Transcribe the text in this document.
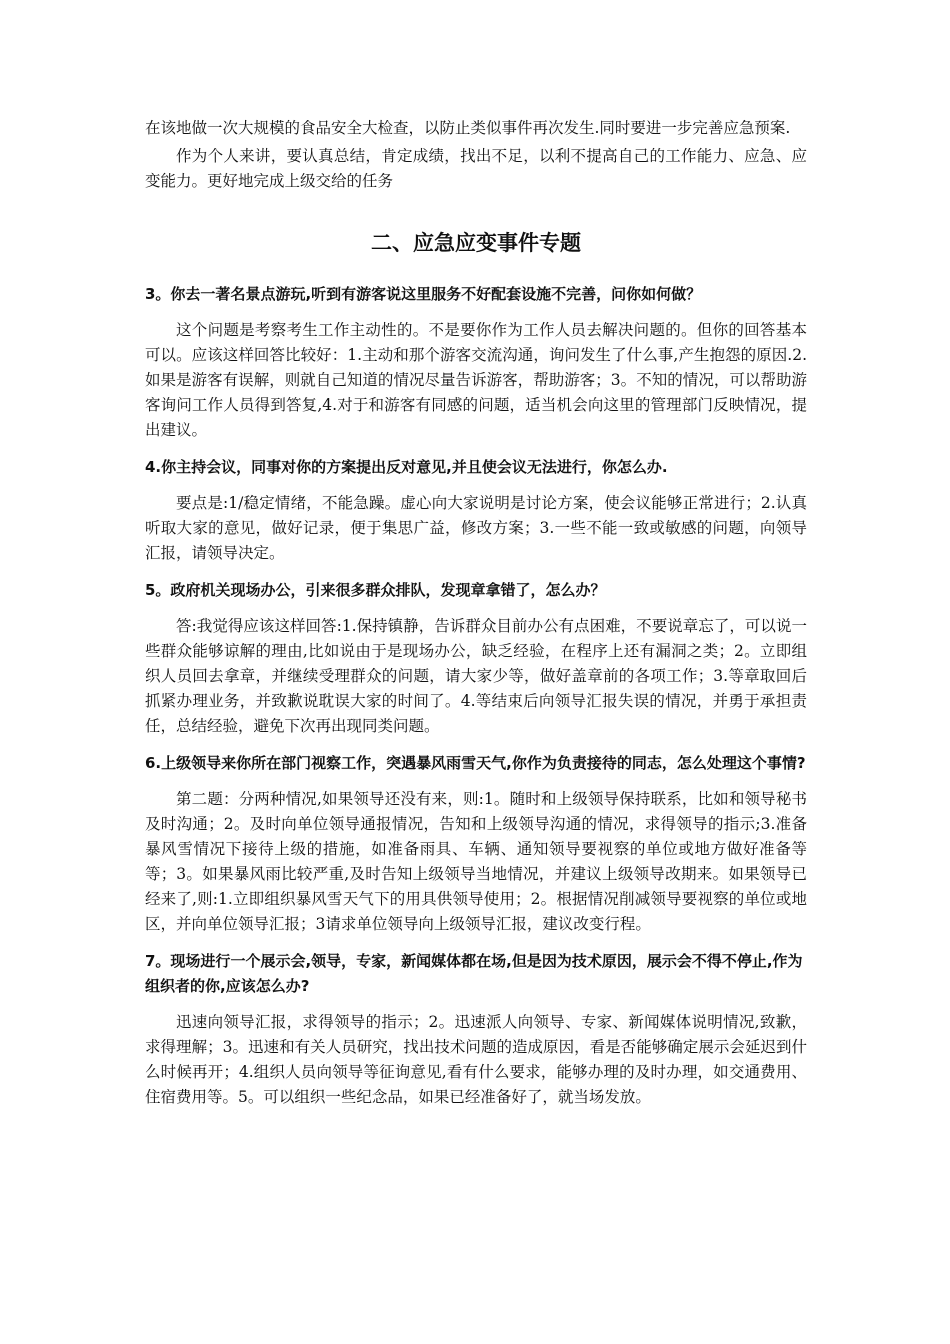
在该地做一次大规模的食品安全大检查，以防止类似事件再次发生.同时要进一步完善应急预案.

作为个人来讲，要认真总结，肯定成绩，找出不足，以利不提高自己的工作能力、应急、应变能力。更好地完成上级交给的任务

二、应急应变事件专题

3。你去一著名景点游玩,听到有游客说这里服务不好配套设施不完善，问你如何做？

这个问题是考察考生工作主动性的。不是要你作为工作人员去解决问题的。但你的回答基本可以。应该这样回答比较好：1.主动和那个游客交流沟通，询问发生了什么事,产生抱怨的原因.2.如果是游客有误解，则就自己知道的情况尽量告诉游客，帮助游客；3。不知的情况，可以帮助游客询问工作人员得到答复,4.对于和游客有同感的问题，适当机会向这里的管理部门反映情况，提出建议。

4.你主持会议，同事对你的方案提出反对意见,并且使会议无法进行，你怎么办.

要点是:1/稳定情绪，不能急躁。虚心向大家说明是讨论方案，使会议能够正常进行；2.认真听取大家的意见，做好记录，便于集思广益，修改方案；3.一些不能一致或敏感的问题，向领导汇报，请领导决定。

5。政府机关现场办公，引来很多群众排队，发现章拿错了，怎么办？

答:我觉得应该这样回答:1.保持镇静，告诉群众目前办公有点困难，不要说章忘了，可以说一些群众能够谅解的理由,比如说由于是现场办公，缺乏经验，在程序上还有漏洞之类；2。立即组织人员回去拿章，并继续受理群众的问题，请大家少等，做好盖章前的各项工作；3.等章取回后抓紧办理业务，并致歉说耽误大家的时间了。4.等结束后向领导汇报失误的情况，并勇于承担责任，总结经验，避免下次再出现同类问题。

6.上级领导来你所在部门视察工作，突遇暴风雨雪天气,你作为负责接待的同志，怎么处理这个事情?

第二题：分两种情况,如果领导还没有来，则:1。随时和上级领导保持联系，比如和领导秘书及时沟通；2。及时向单位领导通报情况，告知和上级领导沟通的情况，求得领导的指示;3.准备暴风雪情况下接待上级的措施，如准备雨具、车辆、通知领导要视察的单位或地方做好准备等等；3。如果暴风雨比较严重,及时告知上级领导当地情况，并建议上级领导改期来。如果领导已经来了,则:1.立即组织暴风雪天气下的用具供领导使用；2。根据情况削减领导要视察的单位或地区，并向单位领导汇报；3请求单位领导向上级领导汇报，建议改变行程。

7。现场进行一个展示会,领导，专家，新闻媒体都在场,但是因为技术原因，展示会不得不停止,作为组织者的你,应该怎么办?

迅速向领导汇报，求得领导的指示；2。迅速派人向领导、专家、新闻媒体说明情况,致歉，求得理解；3。迅速和有关人员研究，找出技术问题的造成原因，看是否能够确定展示会延迟到什么时候再开；4.组织人员向领导等征询意见,看有什么要求，能够办理的及时办理，如交通费用、住宿费用等。5。可以组织一些纪念品，如果已经准备好了，就当场发放。
